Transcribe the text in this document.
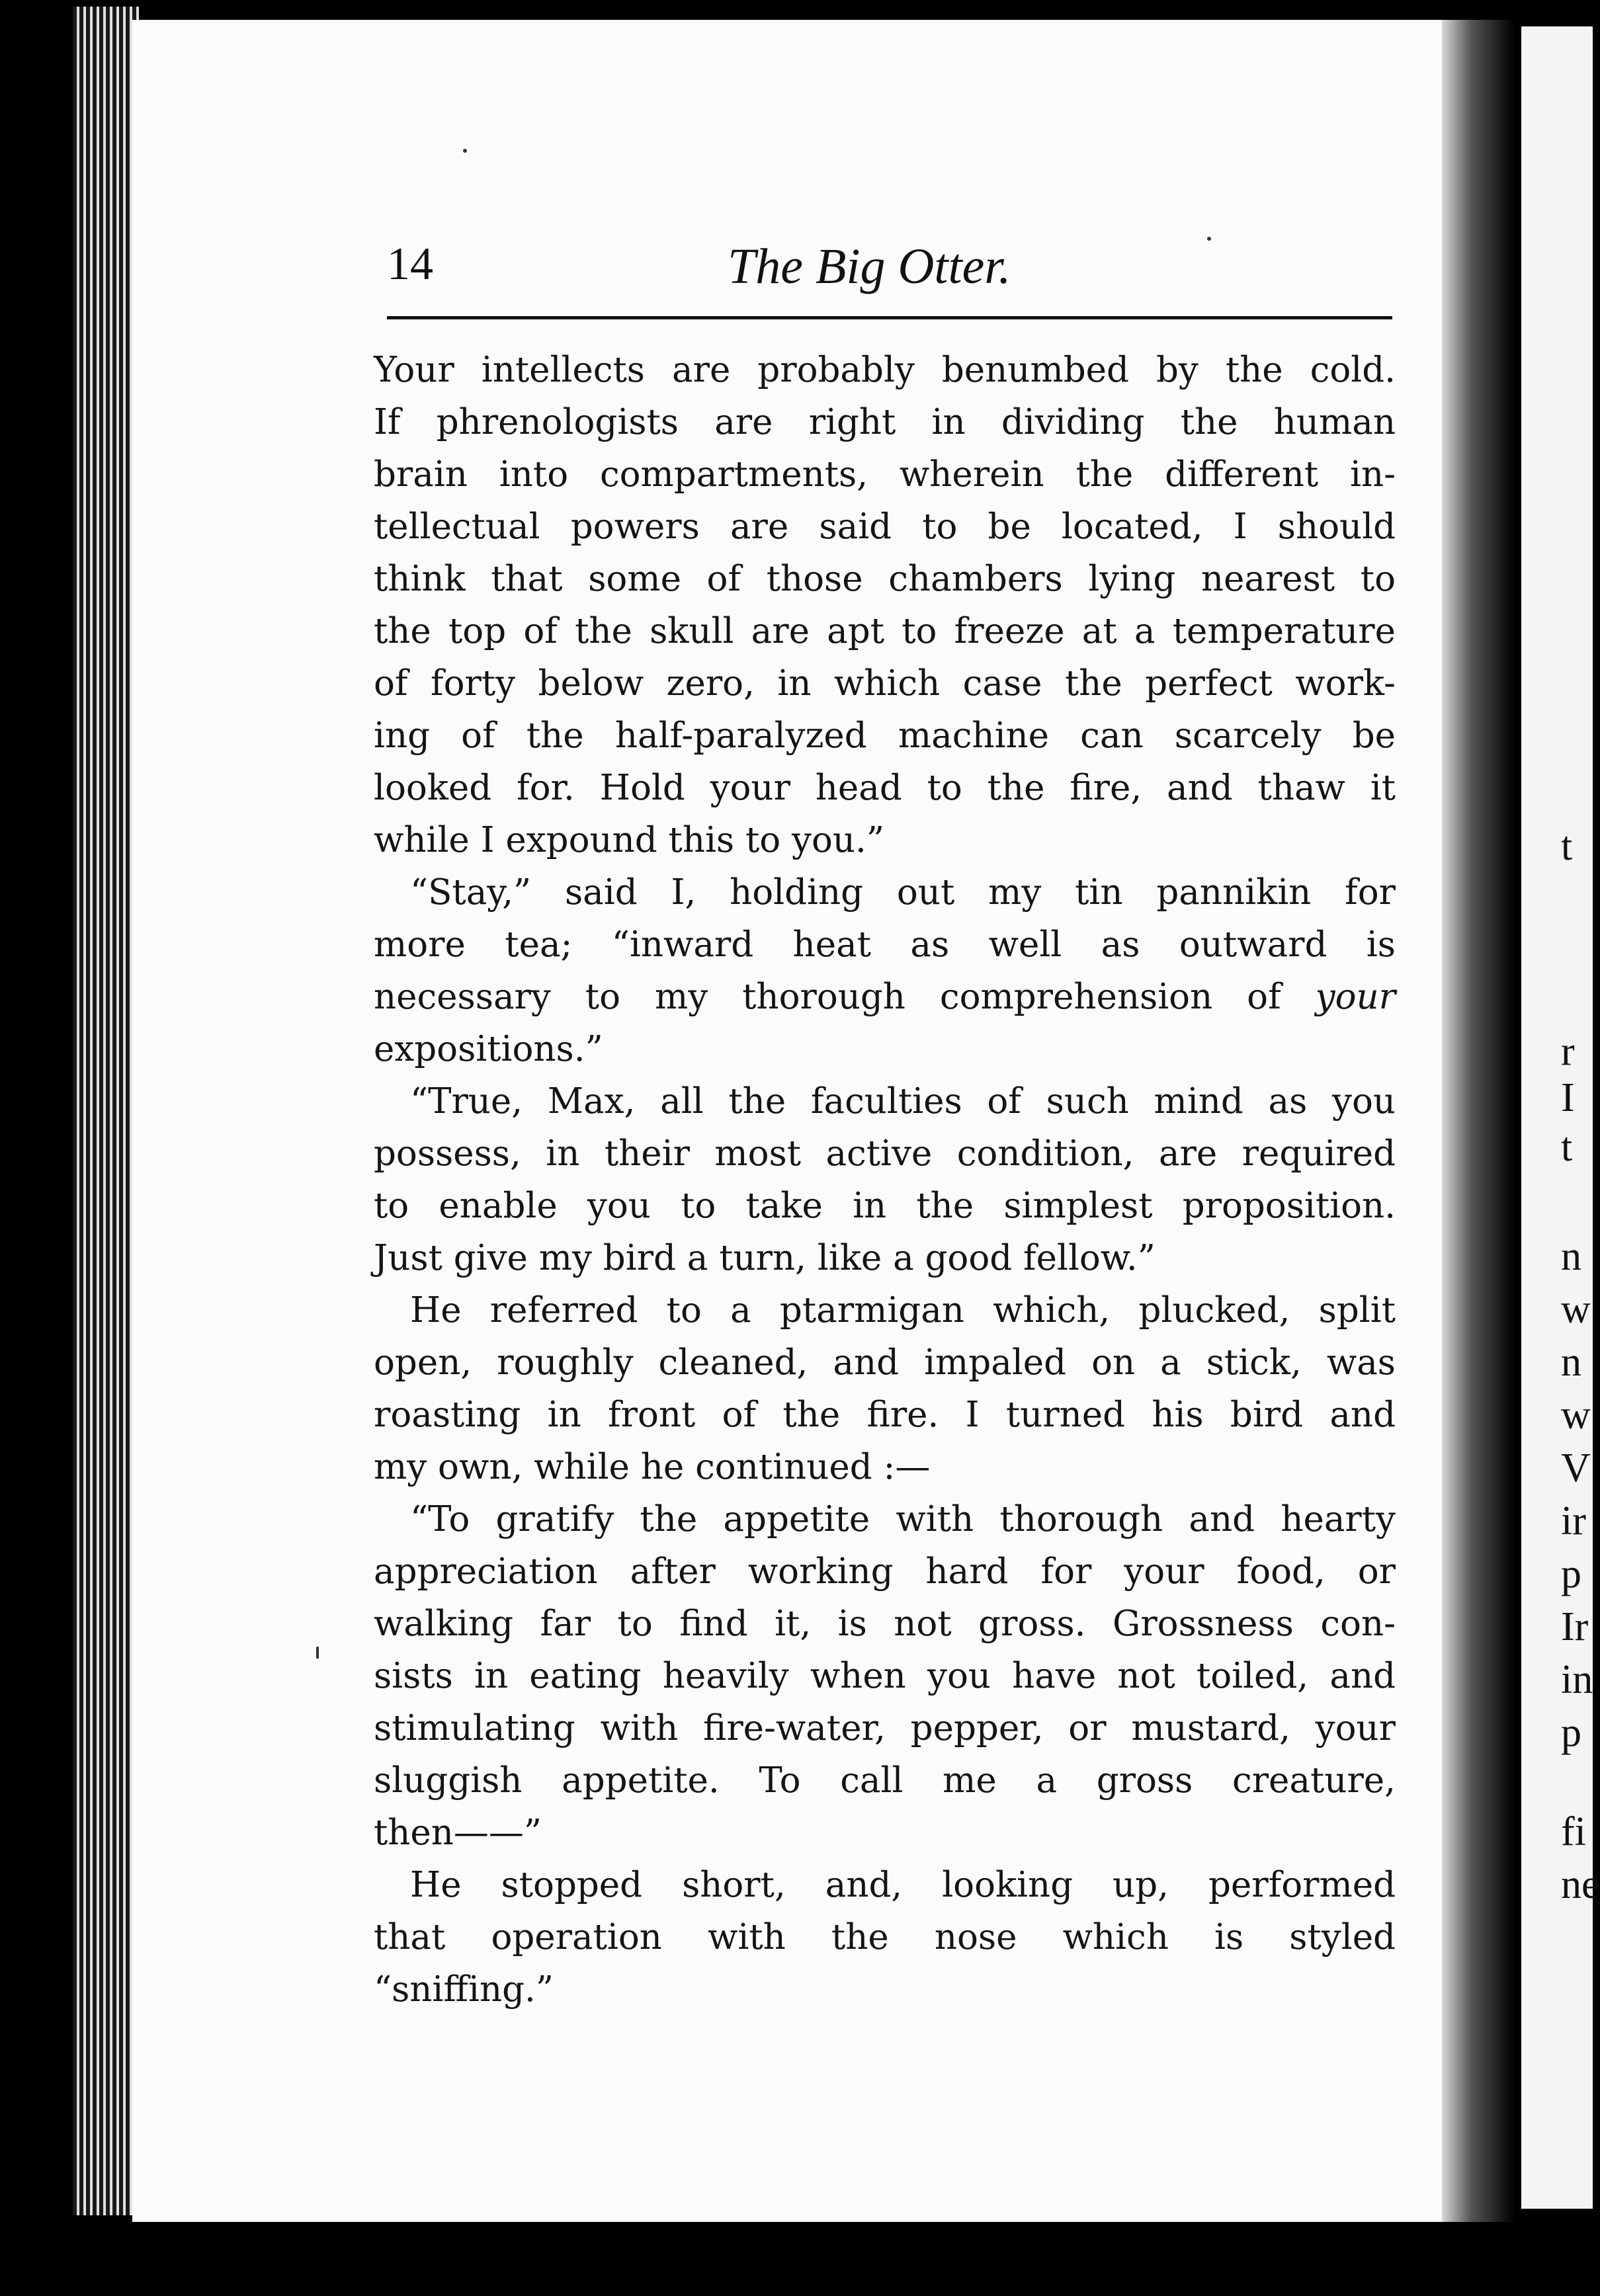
t
r
I
t
n
w
n
w
V
ir
p
Ir
in
p
fi
ne
14	The Big Otter.
Your intellects are probably benumbed by the cold.
If phrenologists are right in dividing the human
brain into compartments, wherein the different in-
tellectual powers are said to be located, I should
think that some of those chambers lying nearest to
the top of the skull are apt to freeze at a temperature
of forty below zero, in which case the perfect work-
ing of the half-paralyzed machine can scarcely be
looked for. Hold your head to the fire, and thaw it
while I expound this to you.”
“Stay,” said I, holding out my tin pannikin for
more tea; “inward heat as well as outward is
necessary to my thorough comprehension of your
expositions.”
“True, Max, all the faculties of such mind as you
possess, in their most active condition, are required
to enable you to take in the simplest proposition.
Just give my bird a turn, like a good fellow.”
He referred to a ptarmigan which, plucked, split
open, roughly cleaned, and impaled on a stick, was
roasting in front of the fire. I turned his bird and
my own, while he continued :—
“To gratify the appetite with thorough and hearty
appreciation after working hard for your food, or
walking far to find it, is not gross. Grossness con-
sists in eating heavily when you have not toiled, and
stimulating with fire-water, pepper, or mustard, your
sluggish appetite. To call me a gross creature,
then——”
He stopped short, and, looking up, performed
that operation with the nose which is styled
“sniffing.”
